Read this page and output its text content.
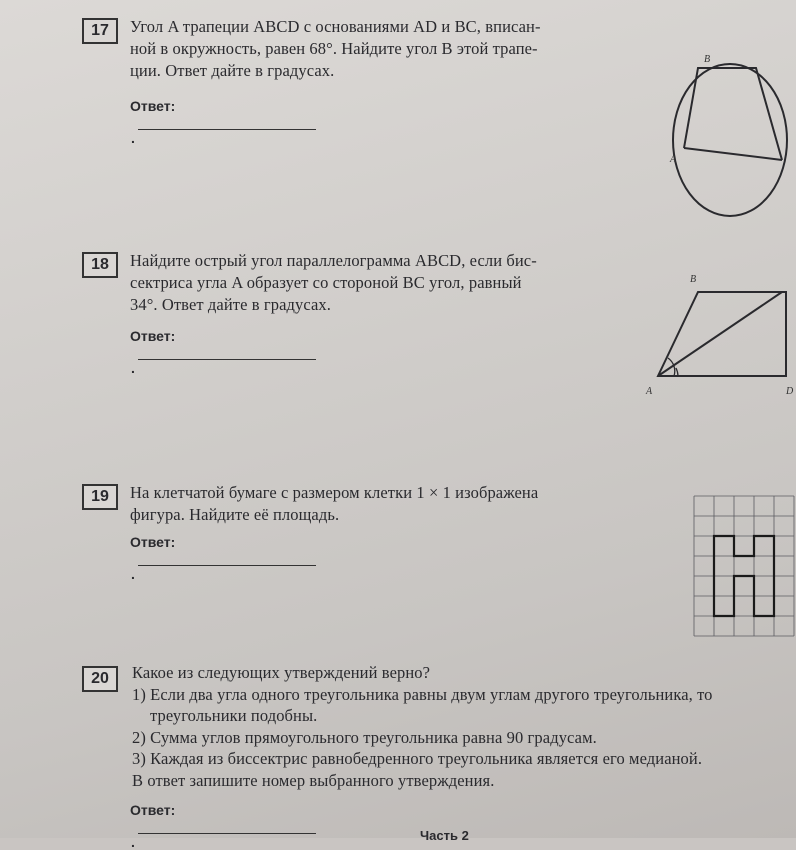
17	Угол A трапеции ABCD с основаниями AD и BC, вписан-

ной в окружность, равен 68°. Найдите угол B этой трапе-

ции. Ответ дайте в градусах.

Ответ:.
B
A
18	Найдите острый угол параллелограмма ABCD, если бис-

сектриса угла A образует со стороной BC угол, равный

34°. Ответ дайте в градусах.

Ответ:.
B
A	D
19	На клетчатой бумаге с размером клетки 1 × 1 изображена

фигура. Найдите её площадь.

Ответ:.
20	Какое из следующих утверждений верно?

1) Если два угла одного треугольника равны двум углам другого треугольника, то

треугольники подобны.

2) Сумма углов прямоугольного треугольника равна 90 градусам.

3) Каждая из биссектрис равнобедренного треугольника является его медианой.

В ответ запишите номер выбранного утверждения.

Ответ:.	Часть 2
